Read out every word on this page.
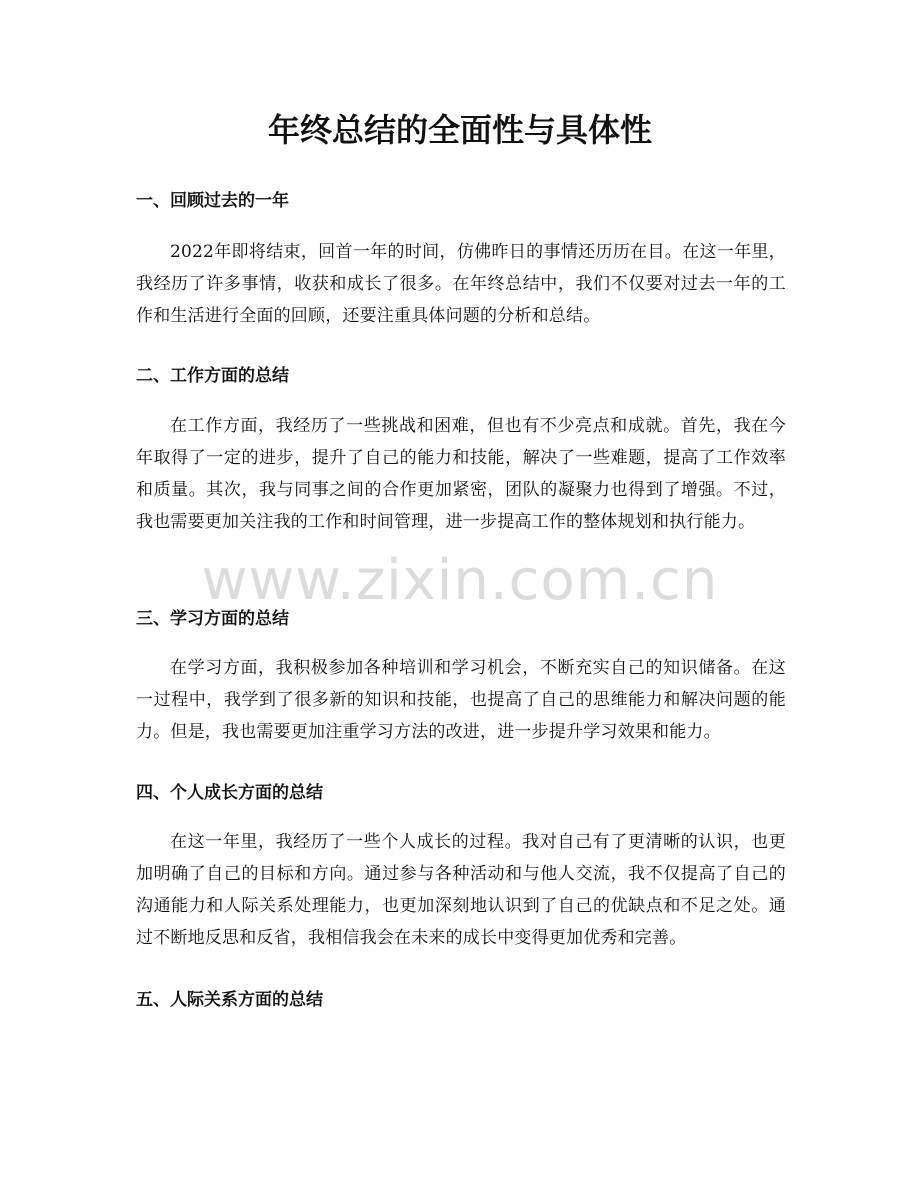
年终总结的全面性与具体性
一、回顾过去的一年

2022年即将结束，回首一年的时间，仿佛昨日的事情还历历在目。在这一年里，我经历了许多事情，收获和成长了很多。在年终总结中，我们不仅要对过去一年的工作和生活进行全面的回顾，还要注重具体问题的分析和总结。

二、工作方面的总结

在工作方面，我经历了一些挑战和困难，但也有不少亮点和成就。首先，我在今年取得了一定的进步，提升了自己的能力和技能，解决了一些难题，提高了工作效率和质量。其次，我与同事之间的合作更加紧密，团队的凝聚力也得到了增强。不过，我也需要更加关注我的工作和时间管理，进一步提高工作的整体规划和执行能力。

三、学习方面的总结

在学习方面，我积极参加各种培训和学习机会，不断充实自己的知识储备。在这一过程中，我学到了很多新的知识和技能，也提高了自己的思维能力和解决问题的能力。但是，我也需要更加注重学习方法的改进，进一步提升学习效果和能力。

四、个人成长方面的总结

在这一年里，我经历了一些个人成长的过程。我对自己有了更清晰的认识，也更加明确了自己的目标和方向。通过参与各种活动和与他人交流，我不仅提高了自己的沟通能力和人际关系处理能力，也更加深刻地认识到了自己的优缺点和不足之处。通过不断地反思和反省，我相信我会在未来的成长中变得更加优秀和完善。

五、人际关系方面的总结
www.zixin.com.cn
